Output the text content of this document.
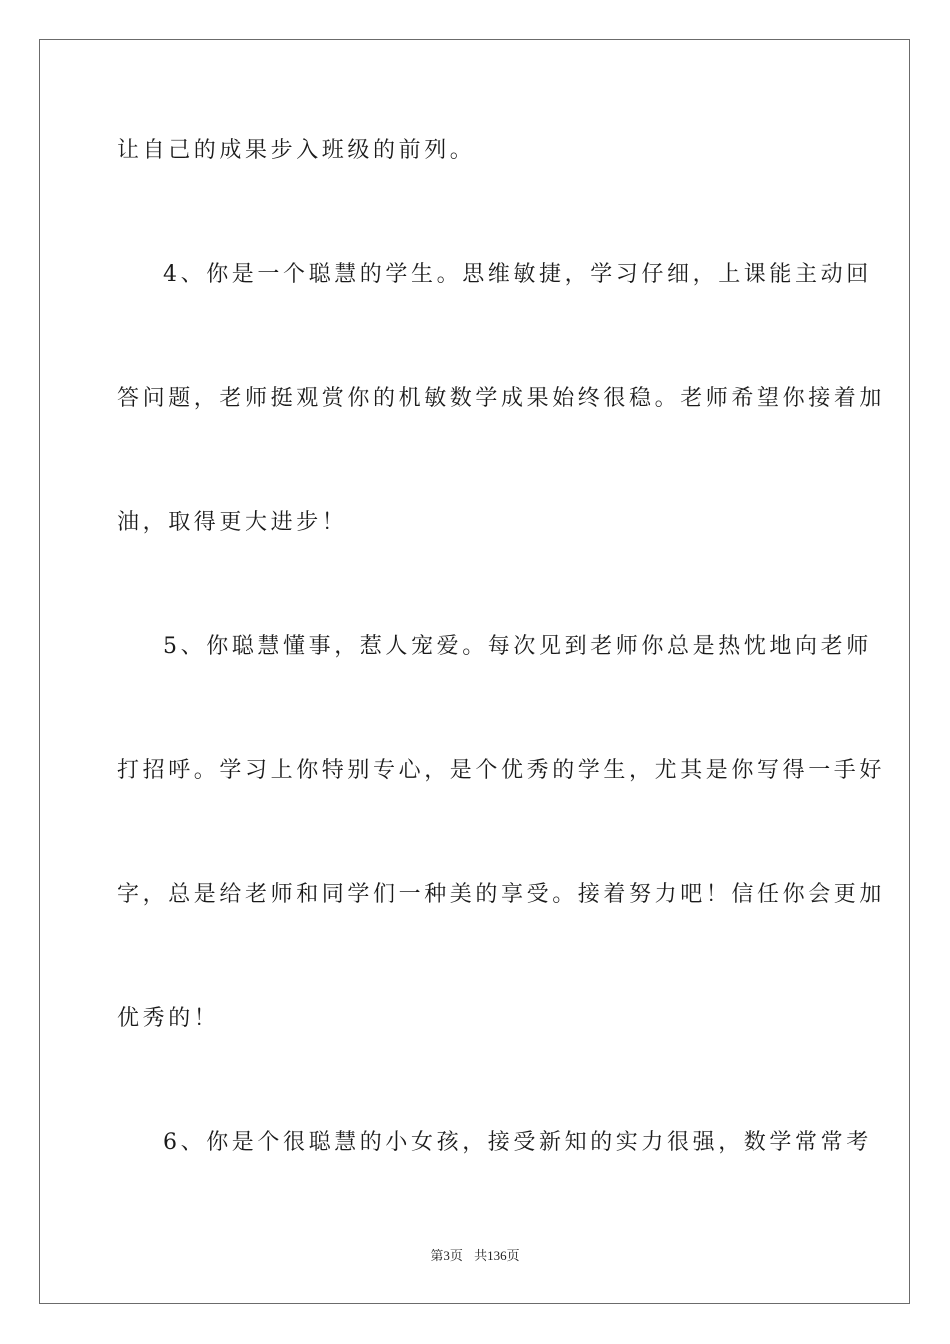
让自己的成果步入班级的前列。
4、你是一个聪慧的学生。思维敏捷，学习仔细，上课能主动回
答问题，老师挺观赏你的机敏数学成果始终很稳。老师希望你接着加
油，取得更大进步！
5、你聪慧懂事，惹人宠爱。每次见到老师你总是热忱地向老师
打招呼。学习上你特别专心，是个优秀的学生，尤其是你写得一手好
字，总是给老师和同学们一种美的享受。接着努力吧！信任你会更加
优秀的！
6、你是个很聪慧的小女孩，接受新知的实力很强，数学常常考
第3页 共136页
